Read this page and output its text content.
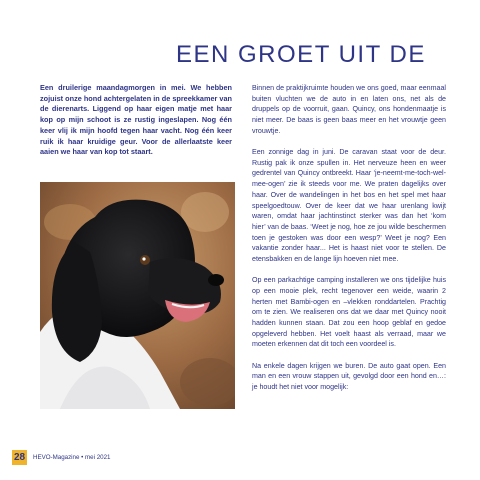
EEN GROET UIT DE

Een druilerige maandagmorgen in mei. We hebben zojuist onze hond achtergelaten in de spreekkamer van de dierenarts. Liggend op haar eigen matje met haar kop op mijn schoot is ze rustig ingeslapen. Nog één keer vlij ik mijn hoofd tegen haar vacht. Nog één keer ruik ik haar kruidige geur. Voor de allerlaatste keer aaien we haar van kop tot staart.

Binnen de praktijkruimte houden we ons goed, maar eenmaal buiten vluchten we de auto in en laten ons, net als de druppels op de voorruit, gaan. Quincy, ons hondenmaatje is niet meer. De baas is geen baas meer en het vrouwtje geen vrouwtje.

Een zonnige dag in juni. De caravan staat voor de deur. Rustig pak ik onze spullen in. Het nerveuze heen en weer gedrentel van Quincy ontbreekt. Haar ‘je-neemt-me-toch-wel-mee-ogen’ zie ik steeds voor me. We praten dagelijks over haar. Over de wandelingen in het bos en het spel met haar speelgoedtouw. Over de keer dat we haar urenlang kwijt waren, omdat haar jachtinstinct sterker was dan het ‘kom hier’ van de baas. ‘Weet je nog, hoe ze jou wilde beschermen toen je gestoken was door een wesp?’ Weet je nog? Een vakantie zonder haar... Het is haast niet voor te stellen. De etensbakken en de lange lijn hoeven niet mee.

Op een parkachtige camping installeren we ons tijdelijke huis op een mooie plek, recht tegenover een weide, waarin 2 herten met Bambi-ogen en –vlekken ronddartelen. Prachtig om te zien. We realiseren ons dat we daar met Quincy nooit hadden kunnen staan. Dat zou een hoop geblaf en gedoe opgeleverd hebben. Het voelt haast als verraad, maar we moeten erkennen dat dit toch een voordeel is.

Na enkele dagen krijgen we buren. De auto gaat open. Een man en een vrouw stappen uit, gevolgd door een hond en…: je houdt het niet voor mogelijk:

28	HEVO-Magazine • mei 2021
